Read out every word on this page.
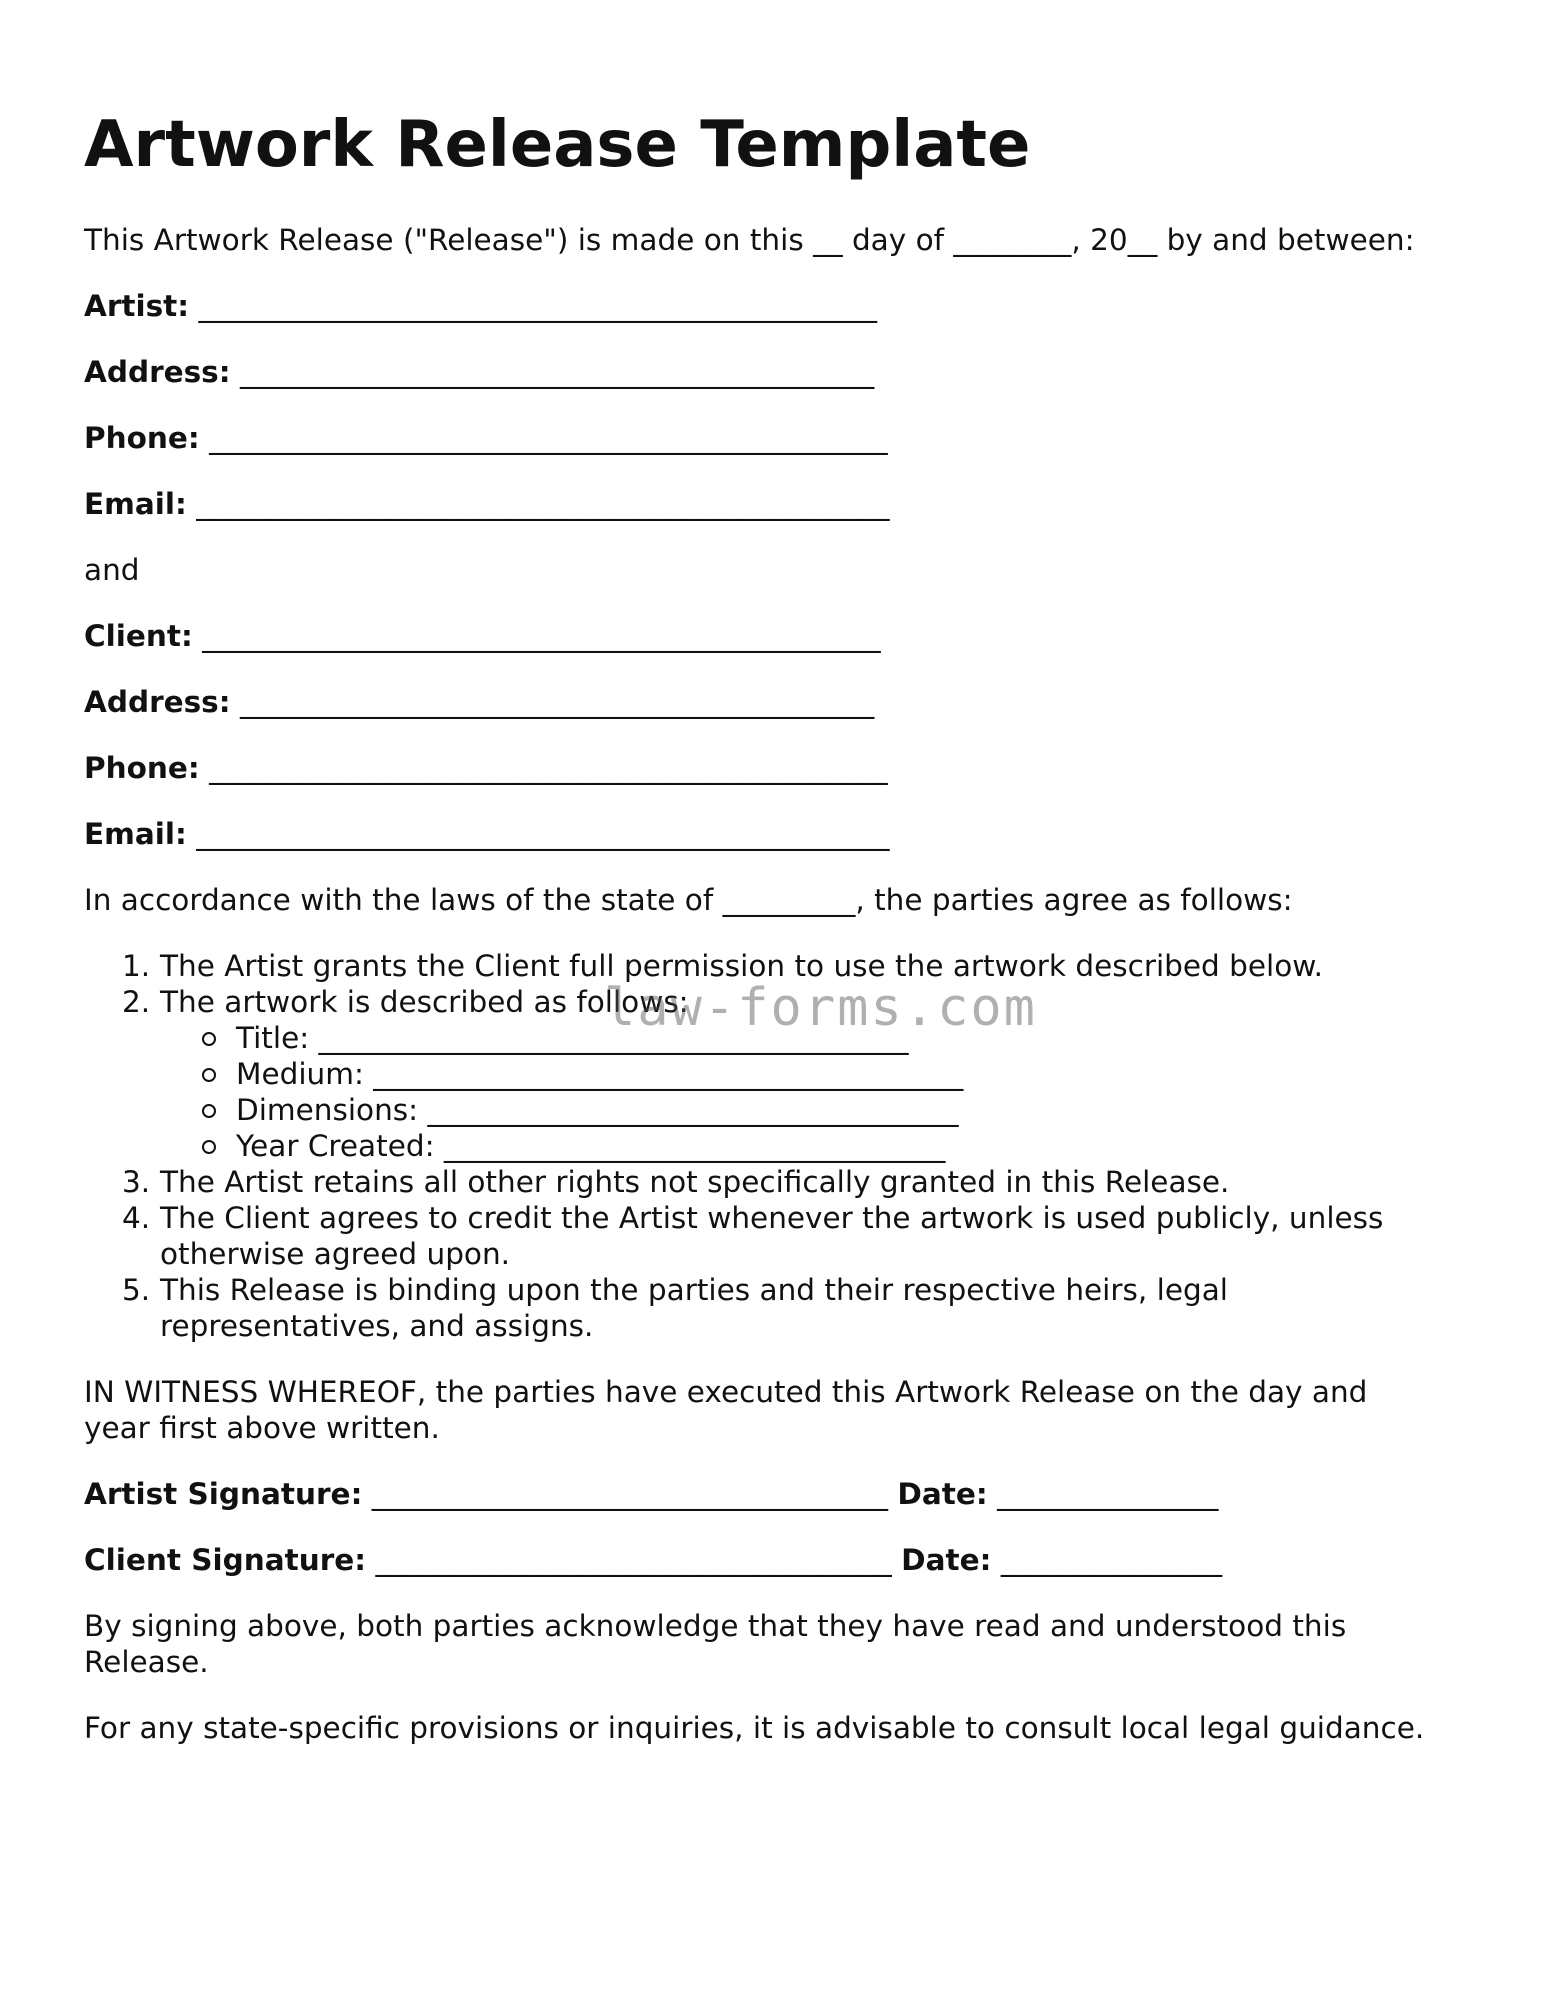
Artwork Release Template

This Artwork Release ("Release") is made on this __ day of ________, 20__ by and between:

Artist: ______________________________________________

Address: ___________________________________________

Phone: ______________________________________________

Email: _______________________________________________

and

Client: ______________________________________________

Address: ___________________________________________

Phone: ______________________________________________

Email: _______________________________________________

In accordance with the laws of the state of _________, the parties agree as follows:

1. The Artist grants the Client full permission to use the artwork described below.
2. The artwork is described as follows:
Title: ________________________________________
Medium: ________________________________________
Dimensions: ____________________________________
Year Created: __________________________________
3. The Artist retains all other rights not specifically granted in this Release.
4. The Client agrees to credit the Artist whenever the artwork is used publicly, unless
otherwise agreed upon.
5. This Release is binding upon the parties and their respective heirs, legal
representatives, and assigns.
IN WITNESS WHEREOF, the parties have executed this Artwork Release on the day and
year first above written.

Artist Signature: ___________________________________ Date: _______________

Client Signature: ___________________________________ Date: _______________

By signing above, both parties acknowledge that they have read and understood this
Release.

For any state-specific provisions or inquiries, it is advisable to consult local legal guidance.

law-forms.com
